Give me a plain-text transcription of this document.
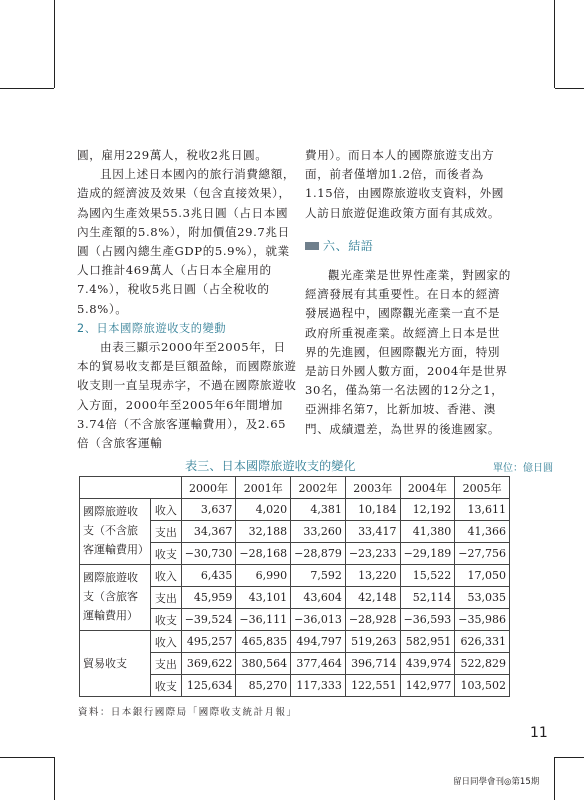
圓，雇用229萬人，稅收2兆日圓。

且因上述日本國內的旅行消費總額，造成的經濟波及效果（包含直接效果），為國內生產效果55.3兆日圓（占日本國內生產額的5.8%），附加價值29.7兆日圓（占國內總生產GDP的5.9%），就業人口推計469萬人（占日本全雇用的7.4%），稅收5兆日圓（占全稅收的5.8%）。

2、日本國際旅遊收支的變動

由表三顯示2000年至2005年，日本的貿易收支都是巨額盈餘，而國際旅遊收支則一直呈現赤字，不過在國際旅遊收入方面，2000年至2005年6年間增加3.74倍（不含旅客運輸費用），及2.65倍（含旅客運輸

費用）。而日本人的國際旅遊支出方面，前者僅增加1.2倍，而後者為1.15倍，由國際旅遊收支資料，外國人訪日旅遊促進政策方面有其成效。

六、結語

觀光產業是世界性產業，對國家的經濟發展有其重要性。在日本的經濟發展過程中，國際觀光產業一直不是政府所重視產業。故經濟上日本是世界的先進國，但國際觀光方面，特別是訪日外國人數方面，2004年是世界30名，僅為第一名法國的12分之1，亞洲排名第7，比新加坡、香港、澳門、成績還差，為世界的後進國家。

表三、日本國際旅遊收支的變化	單位：億日圓
		2000年	2001年	2002年	2003年	2004年	2005年
國際旅遊收支（不含旅客運輸費用）	收入	3,637	4,020	4,381	10,184	12,192	13,611
	支出	34,367	32,188	33,260	33,417	41,380	41,366
	收支	−30,730	−28,168	−28,879	−23,233	−29,189	−27,756
國際旅遊收支（含旅客運輸費用）	收入	6,435	6,990	7,592	13,220	15,522	17,050
	支出	45,959	43,101	43,604	42,148	52,114	53,035
	收支	−39,524	−36,111	−36,013	−28,928	−36,593	−35,986
貿易收支	收入	495,257	465,835	494,797	519,263	582,951	626,331
	支出	369,622	380,564	377,464	396,714	439,974	522,829
	收支	125,634	85,270	117,333	122,551	142,977	103,502
資料：日本銀行國際局「國際收支統計月報」
11
留日同學會刊◎第15期
